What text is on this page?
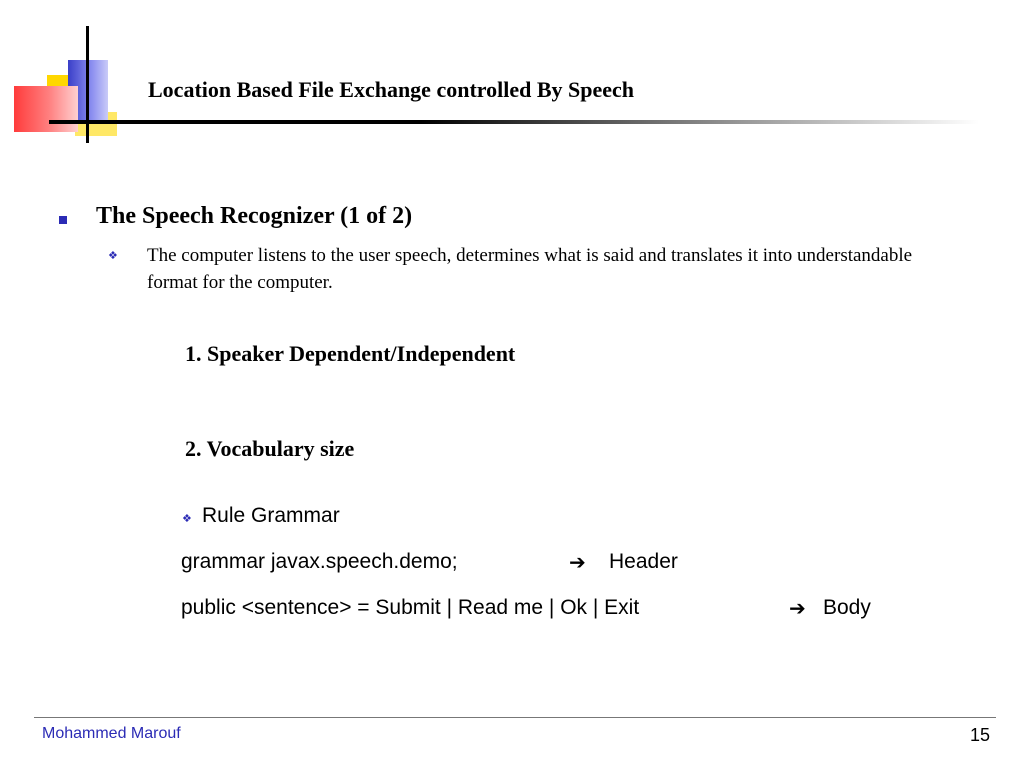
Location Based File Exchange controlled By Speech
The Speech Recognizer (1 of 2)
❖ The computer listens to the user speech, determines what is said and translates it into understandable format for the computer.
1. Speaker Dependent/Independent
2. Vocabulary size
❖ Rule Grammar
grammar javax.speech.demo;	➔ Header
public <sentence> = Submit | Read me | Ok | Exit	➔ Body
Mohammed Marouf	15
